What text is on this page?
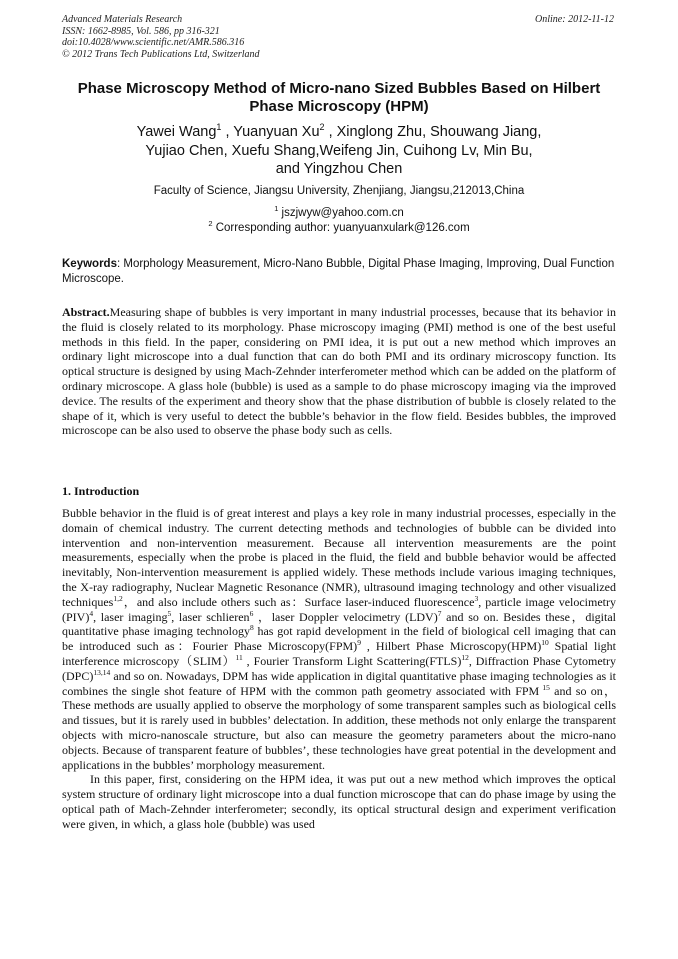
Advanced Materials Research
ISSN: 1662-8985, Vol. 586, pp 316-321
doi:10.4028/www.scientific.net/AMR.586.316
© 2012 Trans Tech Publications Ltd, Switzerland
Online: 2012-11-12
Phase Microscopy Method of Micro-nano Sized Bubbles Based on Hilbert Phase Microscopy (HPM)
Yawei Wang$^1$ , Yuanyuan Xu$^2$ , Xinglong Zhu, Shouwang Jiang,
Yujiao Chen, Xuefu Shang,Weifeng Jin, Cuihong Lv, Min Bu,
and Yingzhou Chen
Faculty of Science, Jiangsu University, Zhenjiang, Jiangsu,212013,China
$^1$ jszjwyw@yahoo.com.cn
$^2$ Corresponding author: yuanyuanxulark@126.com
Keywords: Morphology Measurement, Micro-Nano Bubble, Digital Phase Imaging, Improving, Dual Function Microscope.
Abstract.Measuring shape of bubbles is very important in many industrial processes, because that its behavior in the fluid is closely related to its morphology. Phase microscopy imaging (PMI) method is one of the best useful methods in this field. In the paper, considering on PMI idea, it is put out a new method which improves an ordinary light microscope into a dual function that can do both PMI and its ordinary microscopy function. Its optical structure is designed by using Mach-Zehnder interferometer method which can be added on the platform of ordinary microscope. A glass hole (bubble) is used as a sample to do phase microscopy imaging via the improved device. The results of the experiment and theory show that the phase distribution of bubble is closely related to the shape of it, which is very useful to detect the bubble’s behavior in the flow field. Besides bubbles, the improved microscope can be also used to observe the phase body such as cells.
1. Introduction

Bubble behavior in the fluid is of great interest and plays a key role in many industrial processes, especially in the domain of chemical industry. The current detecting methods and technologies of bubble can be divided into intervention and non-intervention measurement. Because all intervention measurements are the point measurements, especially when the probe is placed in the fluid, the field and bubble behavior would be affected inevitably, Non-intervention measurement is applied widely. These methods include various imaging techniques, the X-ray radiography, Nuclear Magnetic Resonance (NMR), ultrasound imaging technology and other visualized techniques$^{1,2}$，and also include others such as：Surface laser-induced fluorescence$^3$, particle image velocimetry (PIV)$^4$, laser imaging$^5$, laser schlieren$^6$ ，laser Doppler velocimetry (LDV)$^7$ and so on. Besides these，digital quantitative phase imaging technology$^8$ has got rapid development in the field of biological cell imaging that can be introduced such as：Fourier Phase Microscopy(FPM)$^9$ , Hilbert Phase Microscopy(HPM)$^{10}$ Spatial light interference microscopy（SLIM）$^{11}$ , Fourier Transform Light Scattering(FTLS)$^{12}$, Diffraction Phase Cytometry (DPC)$^{13,14}$ and so on. Nowadays, DPM has wide application in digital quantitative phase imaging technologies as it combines the single shot feature of HPM with the common path geometry associated with FPM $^{15}$ and so on，These methods are usually applied to observe the morphology of some transparent samples such as biological cells and tissues, but it is rarely used in bubbles’ delectation. In addition, these methods not only enlarge the transparent objects with micro-nanoscale structure, but also can measure the geometry parameters about the micro-nano objects. Because of transparent feature of bubbles’, these technologies have great potential in the development and applications in the bubbles’ morphology measurement.

In this paper, first, considering on the HPM idea, it was put out a new method which improves the optical system structure of ordinary light microscope into a dual function microscope that can do phase image by using the optical path of Mach-Zehnder interferometer; secondly, its optical structural design and experiment verification were given, in which, a glass hole (bubble) was used
